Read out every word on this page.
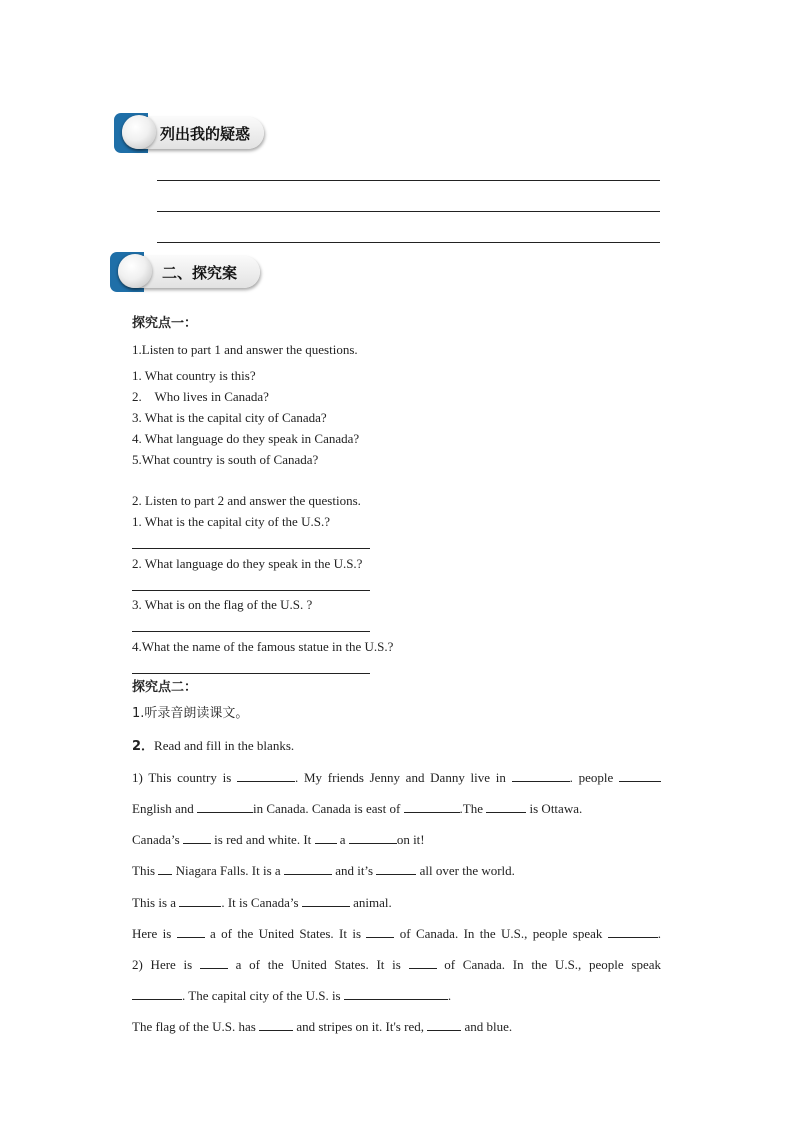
列出我的疑惑
二、探究案
探究点一：
1.Listen to part 1 and answer the questions.
1. What country is this?
2.    Who lives in Canada?
3. What is the capital city of Canada?
4. What language do they speak in Canada?
5.What country is south of Canada?
2. Listen to part 2 and answer the questions.
1. What is the capital city of the U.S.?
2. What language do they speak in the U.S.?
3. What is on the flag of the U.S. ?
4.What the name of the famous statue in the U.S.?
探究点二：
1.听录音朗读课文。
2．Read and fill in the blanks.
1) This country is	. My friends Jenny and Danny live in	. people
English and	in Canada. Canada is east of	.The	is Ottawa.
Canada’s  is red and white. It  a	on it!
This  Niagara Falls. It is a	and it’s	all over the world.
This is a	. It is Canada’s	animal.
Here is  a of the United States. It is  of Canada. In the U.S., people speak	.
2) Here is  a of the United States. It is  of Canada. In the U.S., people speak
. The capital city of the U.S. is	.
The flag of the U.S. has	and stripes on it. It's red,	and blue.
